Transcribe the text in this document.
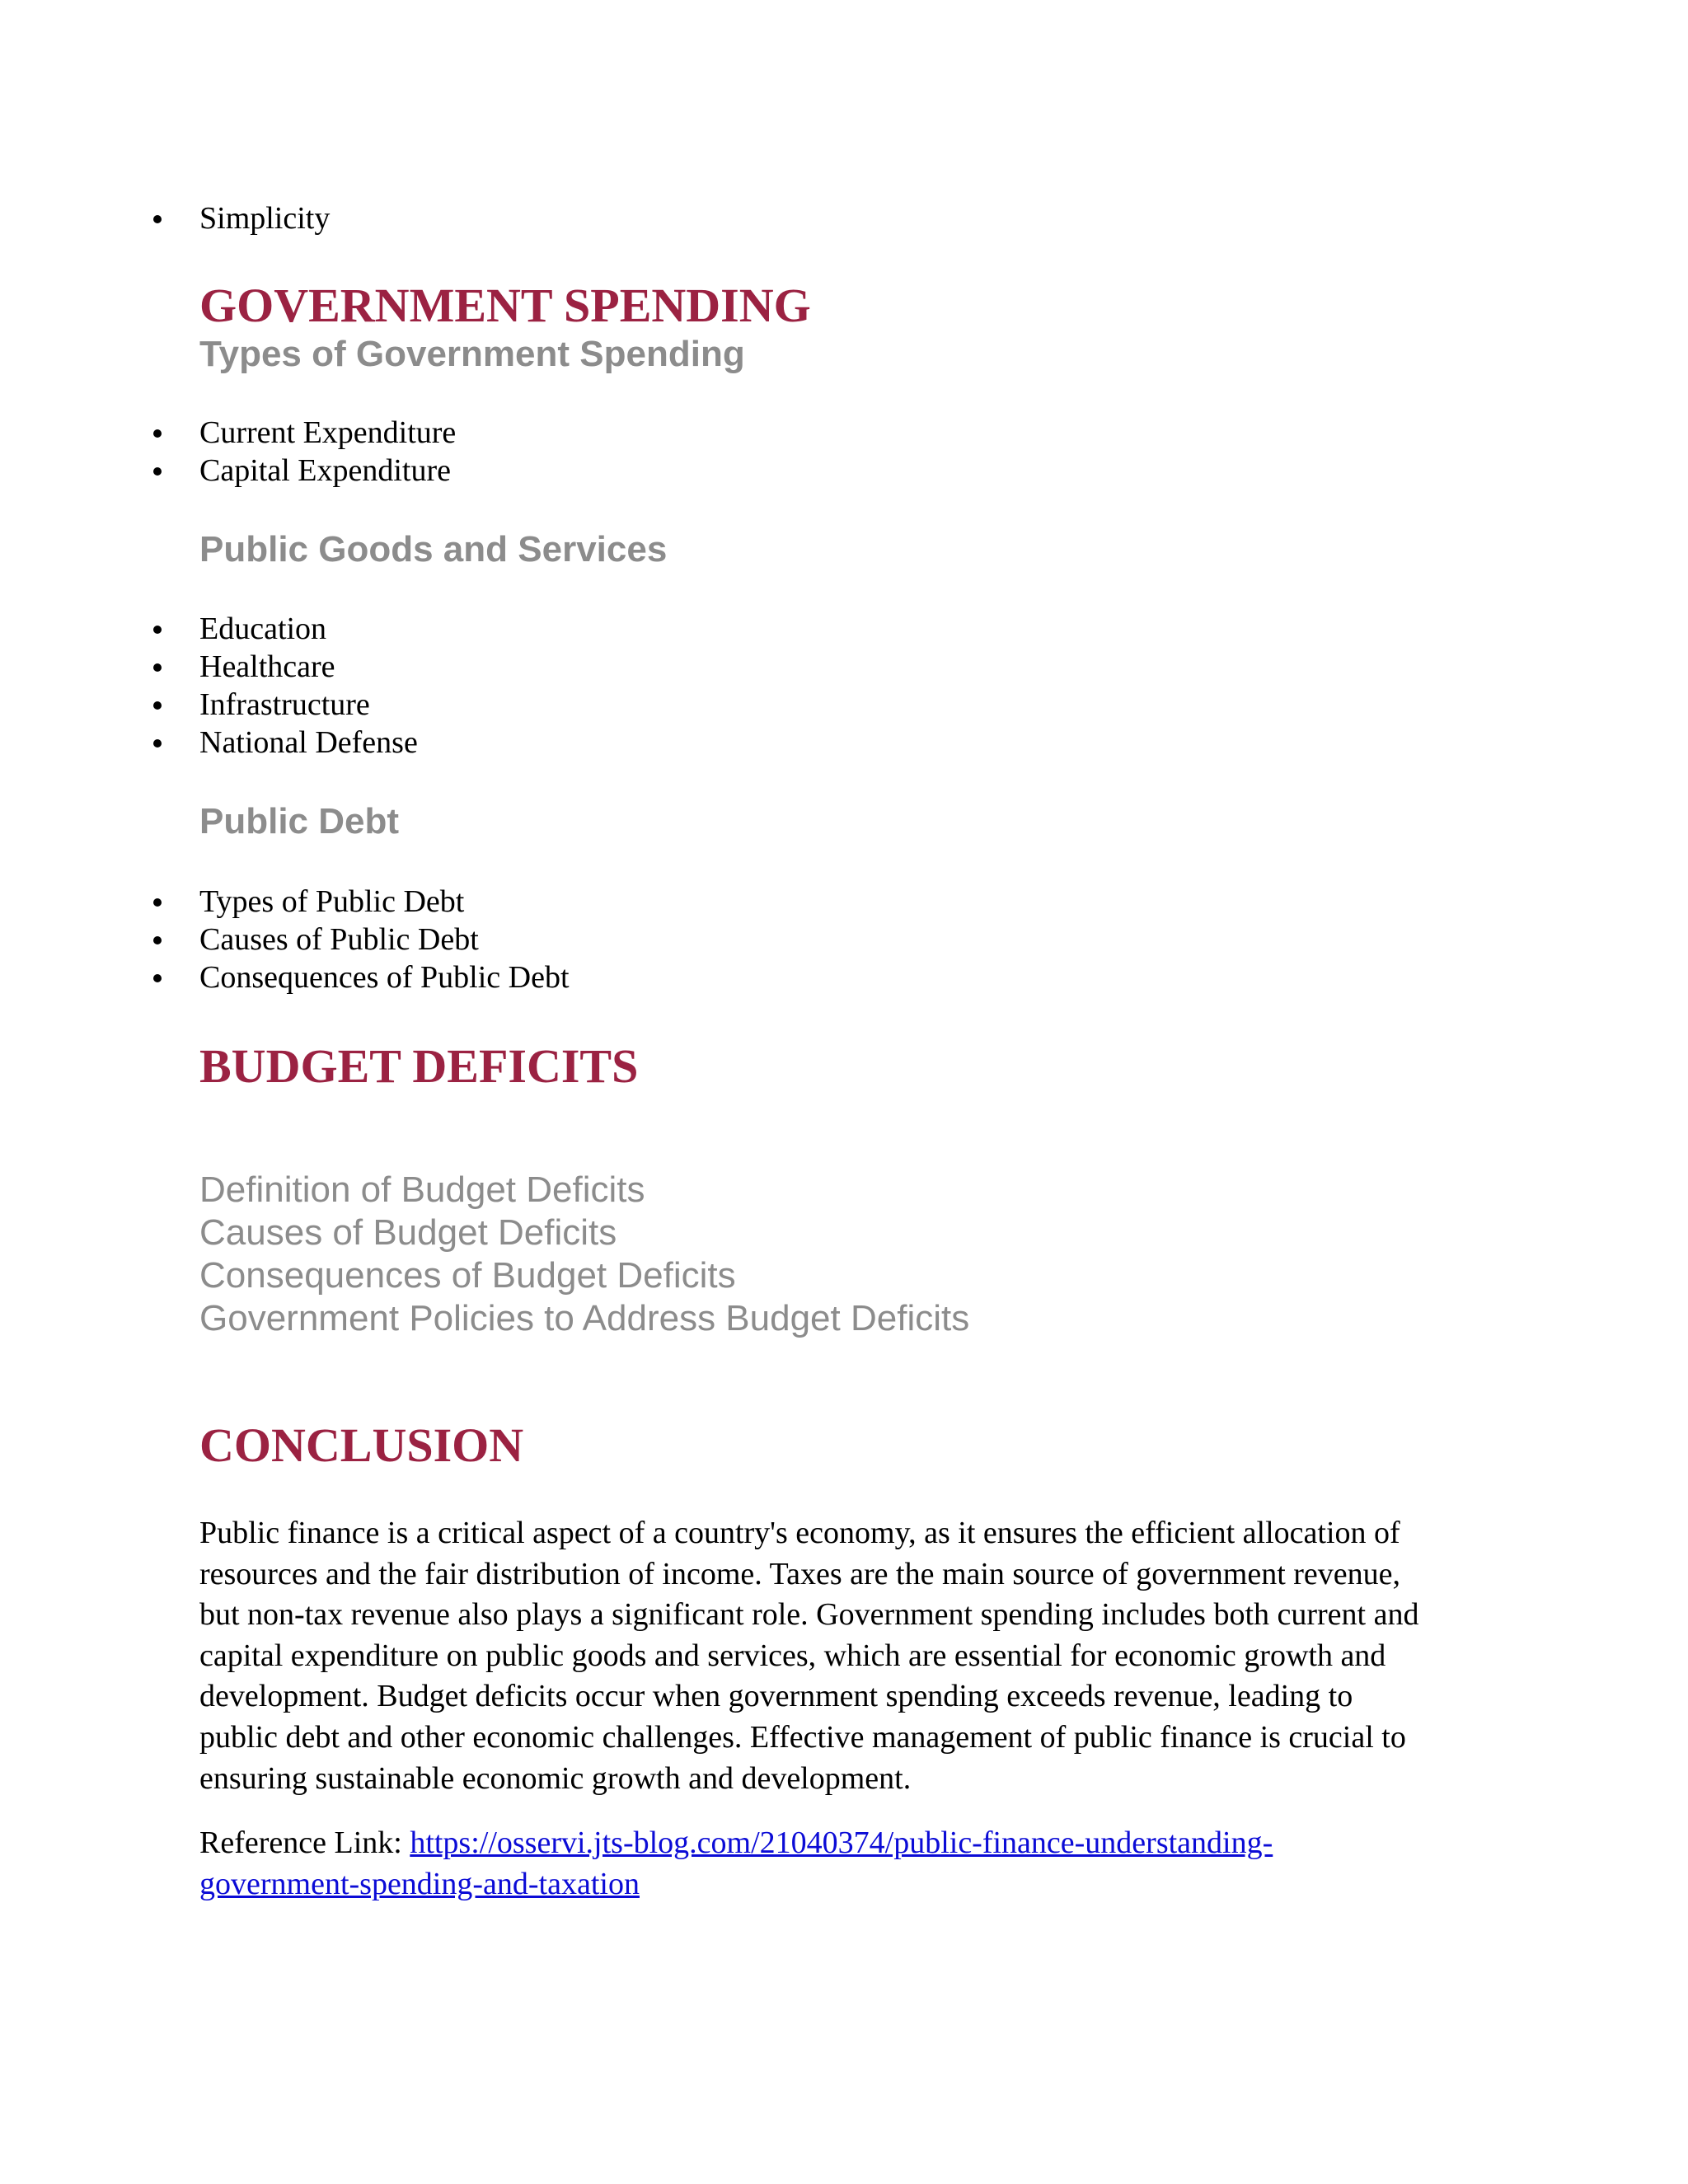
Simplicity
GOVERNMENT SPENDING
Types of Government Spending
Current Expenditure
Capital Expenditure
Public Goods and Services
Education
Healthcare
Infrastructure
National Defense
Public Debt
Types of Public Debt
Causes of Public Debt
Consequences of Public Debt
BUDGET DEFICITS
Definition of Budget Deficits
Causes of Budget Deficits
Consequences of Budget Deficits
Government Policies to Address Budget Deficits
CONCLUSION

Public finance is a critical aspect of a country's economy, as it ensures the efficient allocation of
resources and the fair distribution of income. Taxes are the main source of government revenue,
but non-tax revenue also plays a significant role. Government spending includes both current and
capital expenditure on public goods and services, which are essential for economic growth and
development. Budget deficits occur when government spending exceeds revenue, leading to
public debt and other economic challenges. Effective management of public finance is crucial to
ensuring sustainable economic growth and development.

Reference Link: https://osservi.jts-blog.com/21040374/public-finance-understanding-
government-spending-and-taxation
